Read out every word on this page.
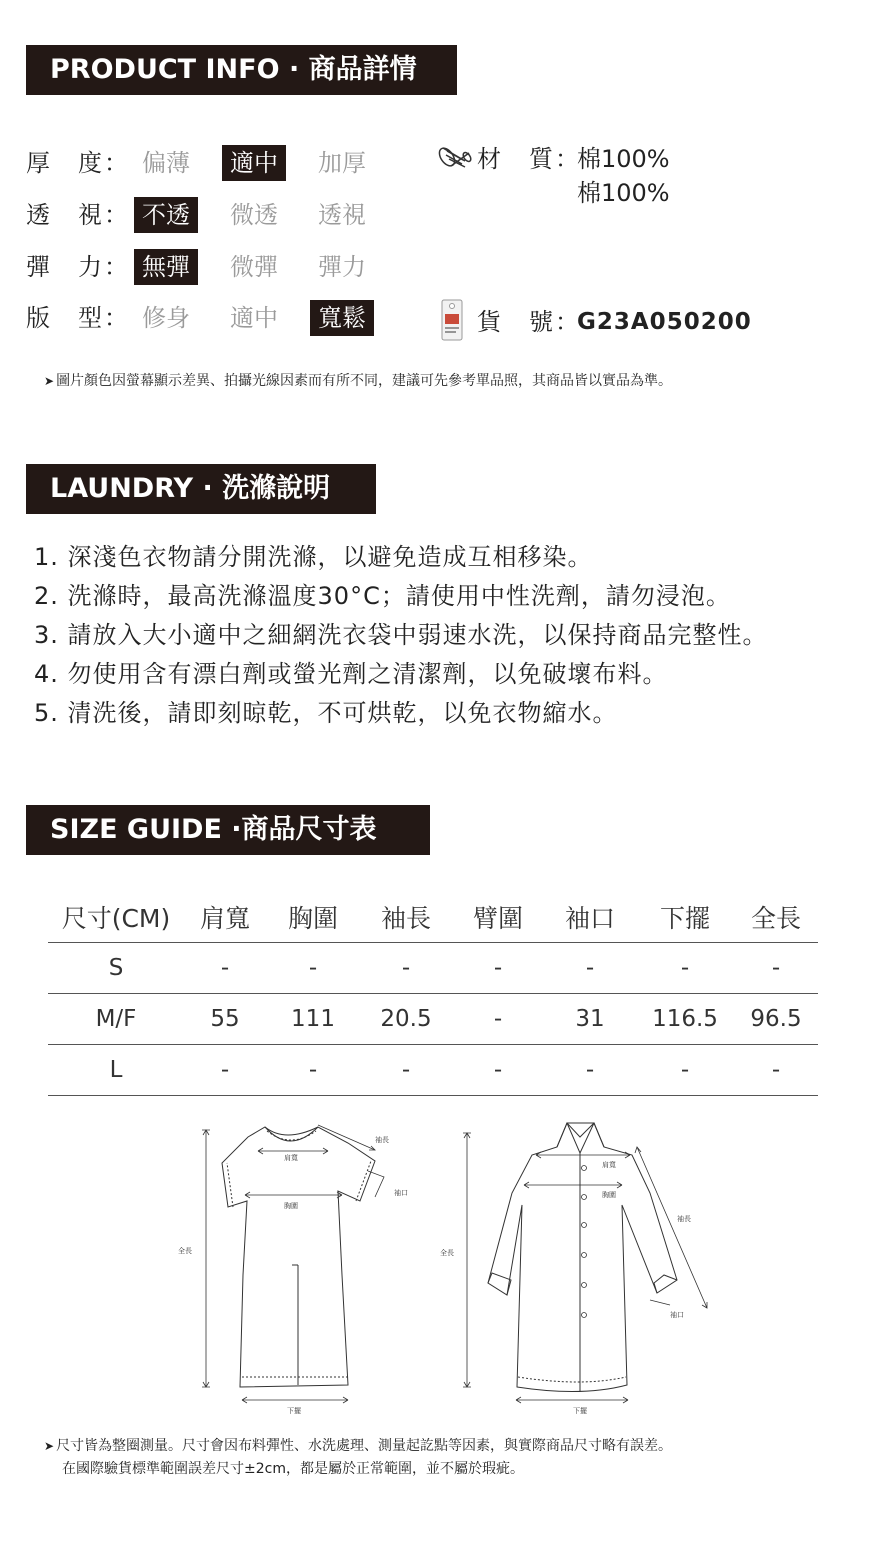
PRODUCT INFO · 商品詳情
厚　度： 偏薄	適中	加厚
透　視： 不透	微透	透視
彈　力： 無彈	微彈	彈力
版　型： 修身	適中	寬鬆
材　質：
棉100%
棉100%
貨　號：
G23A050200
➤ 圖片顏色因螢幕顯示差異、拍攝光線因素而有所不同，建議可先參考單品照，其商品皆以實品為準。
LAUNDRY · 洗滌說明
1. 深淺色衣物請分開洗滌，以避免造成互相移染。
2. 洗滌時，最高洗滌溫度30°C；請使用中性洗劑，請勿浸泡。
3. 請放入大小適中之細網洗衣袋中弱速水洗，以保持商品完整性。
4. 勿使用含有漂白劑或螢光劑之清潔劑，以免破壞布料。
5. 清洗後，請即刻晾乾，不可烘乾，以免衣物縮水。
SIZE GUIDE ·商品尺寸表
尺寸(CM)	肩寬	胸圍	袖長	臂圍	袖口	下擺	全長
S	-	-	-	-	-	-	-
M/F	55	111	20.5	-	31	116.5	96.5
L	-	-	-	-	-	-	-
袖長
肩寬
袖口
胸圍
全長
下擺
肩寬
胸圍
袖長
全長
袖口
下擺
➤ 尺寸皆為整圈測量。尺寸會因布料彈性、水洗處理、測量起訖點等因素，與實際商品尺寸略有誤差。
在國際驗貨標準範圍誤差尺寸±2cm，都是屬於正常範圍，並不屬於瑕疵。
